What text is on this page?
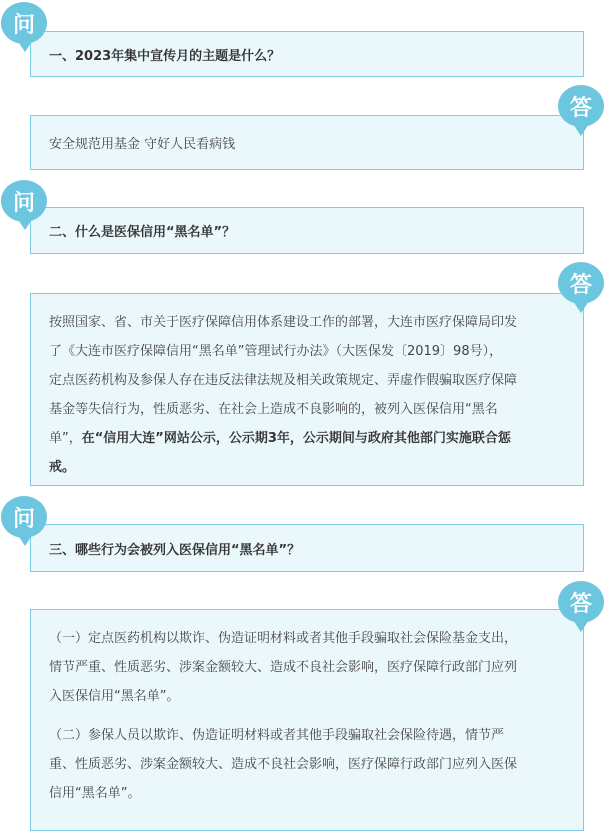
一、2023年集中宣传月的主题是什么？
问
安全规范用基金 守好人民看病钱
答
二、什么是医保信用“黑名单”？
问

按照国家、省、市关于医疗保障信用体系建设工作的部署，大连市医疗保障局印发

了《大连市医疗保障信用“黑名单”管理试行办法》（大医保发〔2019〕98号），

定点医药机构及参保人存在违反法律法规及相关政策规定、弄虚作假骗取医疗保障

基金等失信行为，性质恶劣、在社会上造成不良影响的，被列入医保信用“黑名

单”，在“信用大连”网站公示，公示期3年，公示期间与政府其他部门实施联合惩

戒。

答
三、哪些行为会被列入医保信用“黑名单”？
问

（一）定点医药机构以欺诈、伪造证明材料或者其他手段骗取社会保险基金支出，

情节严重、性质恶劣、涉案金额较大、造成不良社会影响，医疗保障行政部门应列

入医保信用“黑名单”。

（二）参保人员以欺诈、伪造证明材料或者其他手段骗取社会保险待遇，情节严

重、性质恶劣、涉案金额较大、造成不良社会影响，医疗保障行政部门应列入医保

信用“黑名单”。

答
